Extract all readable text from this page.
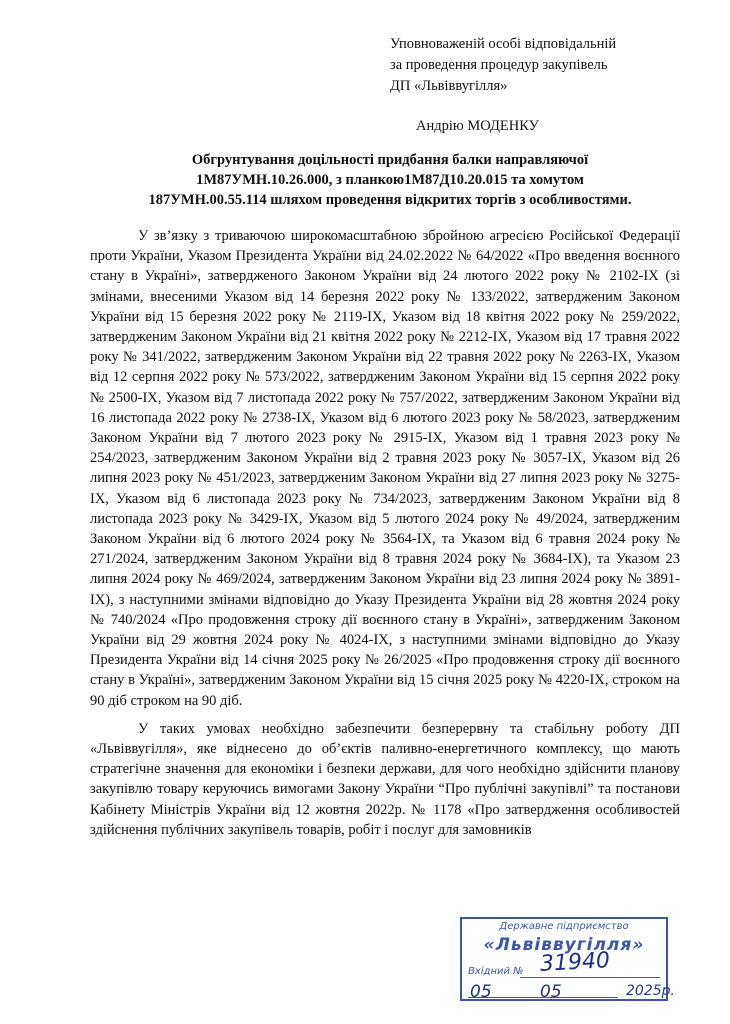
Уповноваженій особі відповідальній
за проведення процедур закупівель
ДП «Львіввугілля»
Андрію МОДЕНКУ
Обгрунтування доцільності придбання балки направляючої
1М87УМН.10.26.000, з планкою1М87Д10.20.015 та хомутом
187УМН.00.55.114 шляхом проведення відкритих торгів з особливостями.

У зв’язку з триваючою широкомасштабною збройною агресією Російської Федерації проти України, Указом Президента України від 24.02.2022 № 64/2022 «Про введення воєнного стану в Україні», затвердженого Законом України від 24 лютого 2022 року № 2102-IX (зі змінами, внесеними Указом від 14 березня 2022 року № 133/2022, затвердженим Законом України від 15 березня 2022 року № 2119-IX, Указом від 18 квітня 2022 року № 259/2022, затвердженим Законом України від 21 квітня 2022 року № 2212-IX, Указом від 17 травня 2022 року № 341/2022, затвердженим Законом України від 22 травня 2022 року № 2263-IX, Указом від 12 серпня 2022 року № 573/2022, затвердженим Законом України від 15 серпня 2022 року № 2500-IX, Указом від 7 листопада 2022 року № 757/2022, затвердженим Законом України від 16 листопада 2022 року № 2738-IX, Указом від 6 лютого 2023 року № 58/2023, затвердженим Законом України від 7 лютого 2023 року № 2915-IX, Указом від 1 травня 2023 року № 254/2023, затвердженим Законом України від 2 травня 2023 року № 3057-IX, Указом від 26 липня 2023 року № 451/2023, затвердженим Законом України від 27 липня 2023 року № 3275-IX, Указом від 6 листопада 2023 року № 734/2023, затвердженим Законом України від 8 листопада 2023 року № 3429-IX, Указом від 5 лютого 2024 року № 49/2024, затвердженим Законом України від 6 лютого 2024 року № 3564-IX, та Указом від 6 травня 2024 року № 271/2024, затвердженим Законом України від 8 травня 2024 року № 3684-IX), та Указом 23 липня 2024 року № 469/2024, затвердженим Законом України від 23 липня 2024 року № 3891-IX), з наступними змінами відповідно до Указу Президента України від 28 жовтня 2024 року № 740/2024 «Про продовження строку дії воєнного стану в Україні», затвердженим Законом України від 29 жовтня 2024 року № 4024-IX, з наступними змінами відповідно до Указу Президента України від 14 січня 2025 року № 26/2025 «Про продовження строку дії воєнного стану в Україні», затвердженим Законом України від 15 січня 2025 року № 4220-IX, строком на 90 діб строком на 90 діб.

У таких умовах необхідно забезпечити безперервну та стабільну роботу ДП «Львіввугілля», яке віднесено до об’єктів паливно-енергетичного комплексу, що мають стратегічне значення для економіки і безпеки держави, для чого необхідно здійснити планову закупівлю товару керуючись вимогами Закону України “Про публічні закупівлі” та постанови Кабінету Міністрів України від 12 жовтня 2022р. № 1178 «Про затвердження особливостей здійснення публічних закупівель товарів, робіт і послуг для замовників

Державне підприємство
«Львіввугілля»
Вхідний № 31940
05	05	2025р.
